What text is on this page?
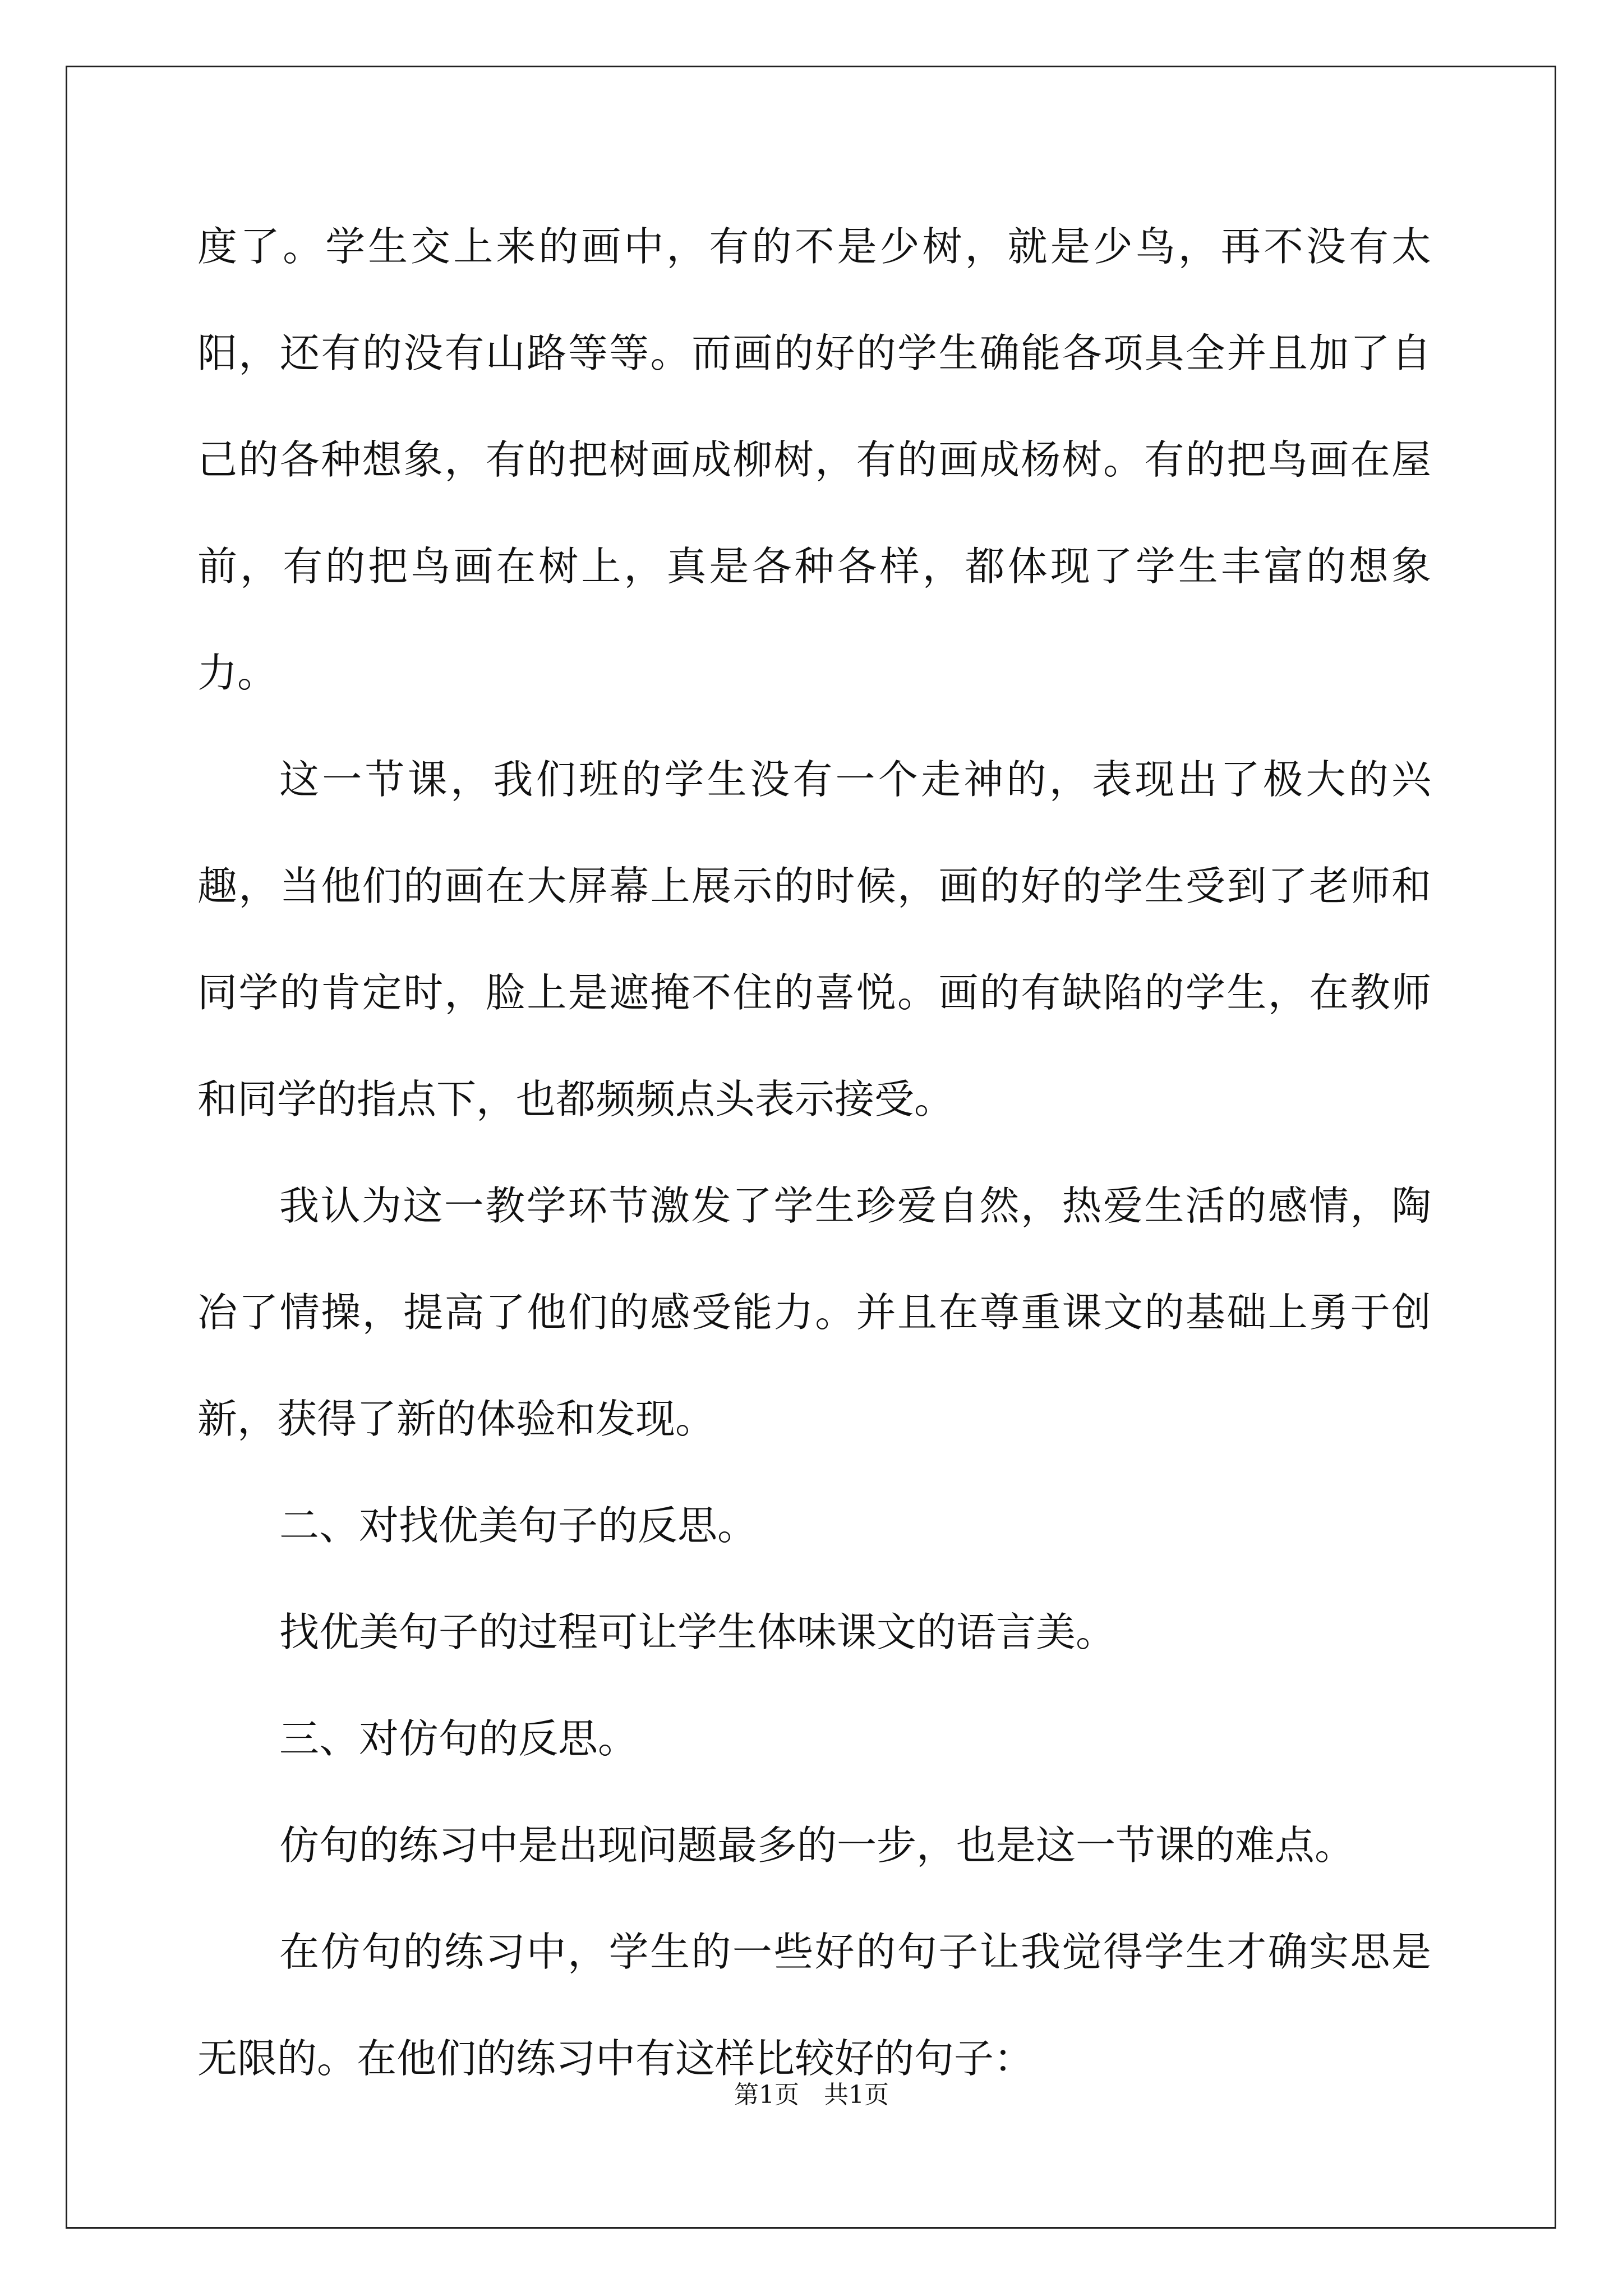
度了。学生交上来的画中，有的不是少树，就是少鸟，再不没有太阳，还有的没有山路等等。而画的好的学生确能各项具全并且加了自己的各种想象，有的把树画成柳树，有的画成杨树。有的把鸟画在屋前，有的把鸟画在树上，真是各种各样，都体现了学生丰富的想象力。

这一节课，我们班的学生没有一个走神的，表现出了极大的兴趣，当他们的画在大屏幕上展示的时候，画的好的学生受到了老师和同学的肯定时，脸上是遮掩不住的喜悦。画的有缺陷的学生，在教师和同学的指点下，也都频频点头表示接受。

我认为这一教学环节激发了学生珍爱自然，热爱生活的感情，陶冶了情操，提高了他们的感受能力。并且在尊重课文的基础上勇于创新，获得了新的体验和发现。

二、对找优美句子的反思。

找优美句子的过程可让学生体味课文的语言美。

三、对仿句的反思。

仿句的练习中是出现问题最多的一步，也是这一节课的难点。

在仿句的练习中，学生的一些好的句子让我觉得学生才确实思是无限的。在他们的练习中有这样比较好的句子：

第1页　共1页
